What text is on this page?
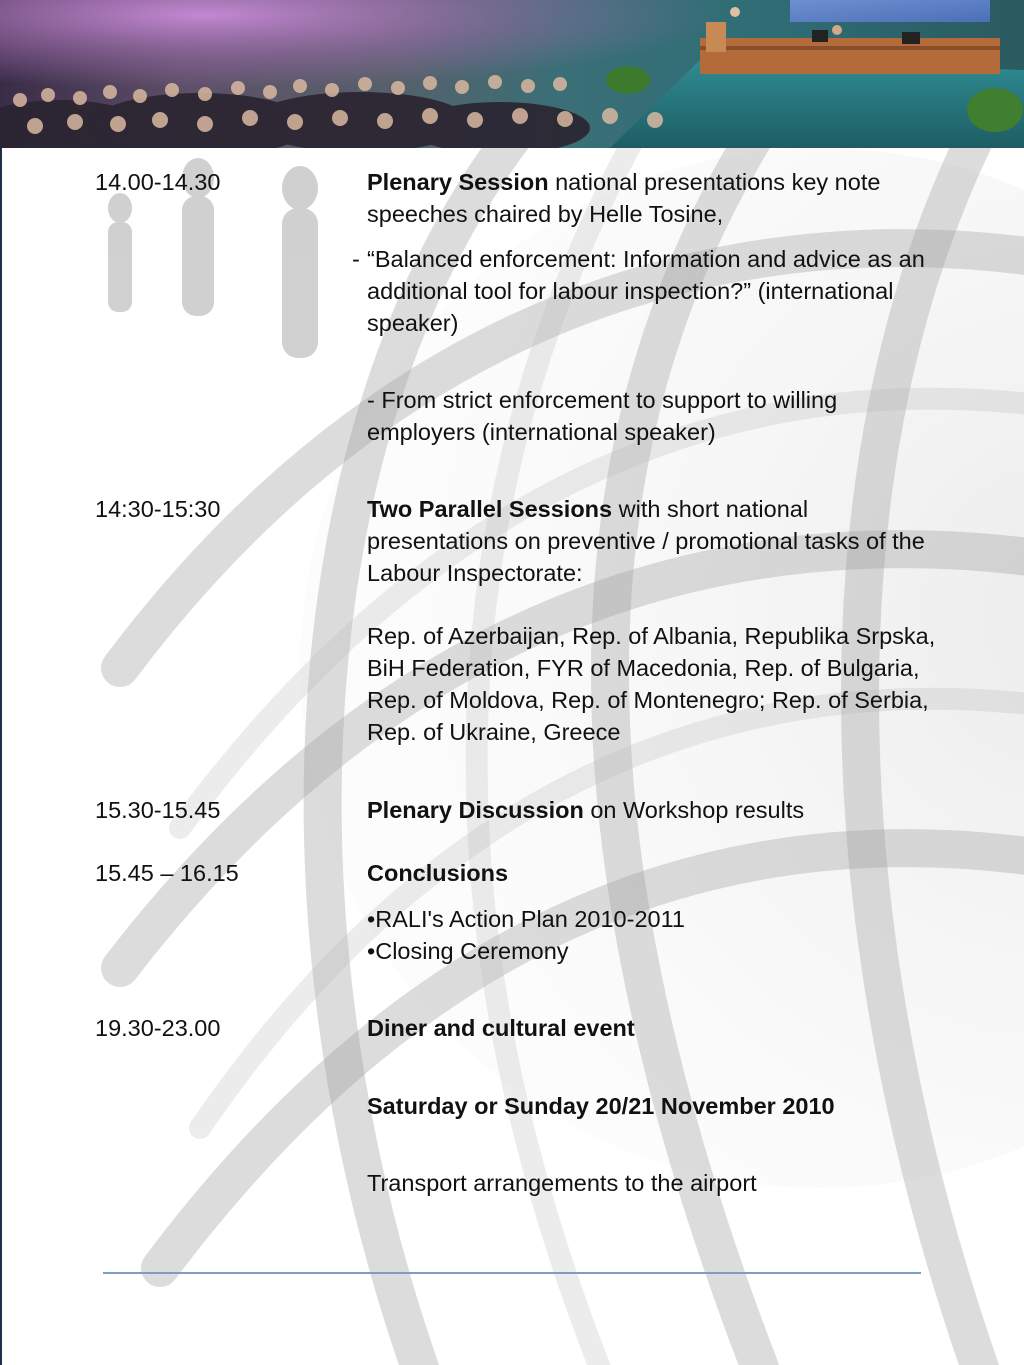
14.00-14.30	Plenary Session national presentations key note speeches chaired by Helle Tosine,
- “Balanced enforcement: Information and advice as an additional tool for labour inspection?” (international speaker)
- From strict enforcement to support to willing employers (international speaker)
14:30-15:30	Two Parallel Sessions with short national presentations on preventive / promotional tasks of the Labour Inspectorate:
Rep. of Azerbaijan, Rep. of Albania, Republika Srpska, BiH Federation, FYR of Macedonia, Rep. of Bulgaria, Rep. of Moldova, Rep. of Montenegro; Rep. of Serbia, Rep. of Ukraine, Greece
15.30-15.45	Plenary Discussion on Workshop results
15.45 – 16.15	Conclusions
•RALI's Action Plan 2010-2011
•Closing Ceremony
19.30-23.00	Diner and cultural event
Saturday or Sunday 20/21 November 2010
Transport arrangements to the airport
